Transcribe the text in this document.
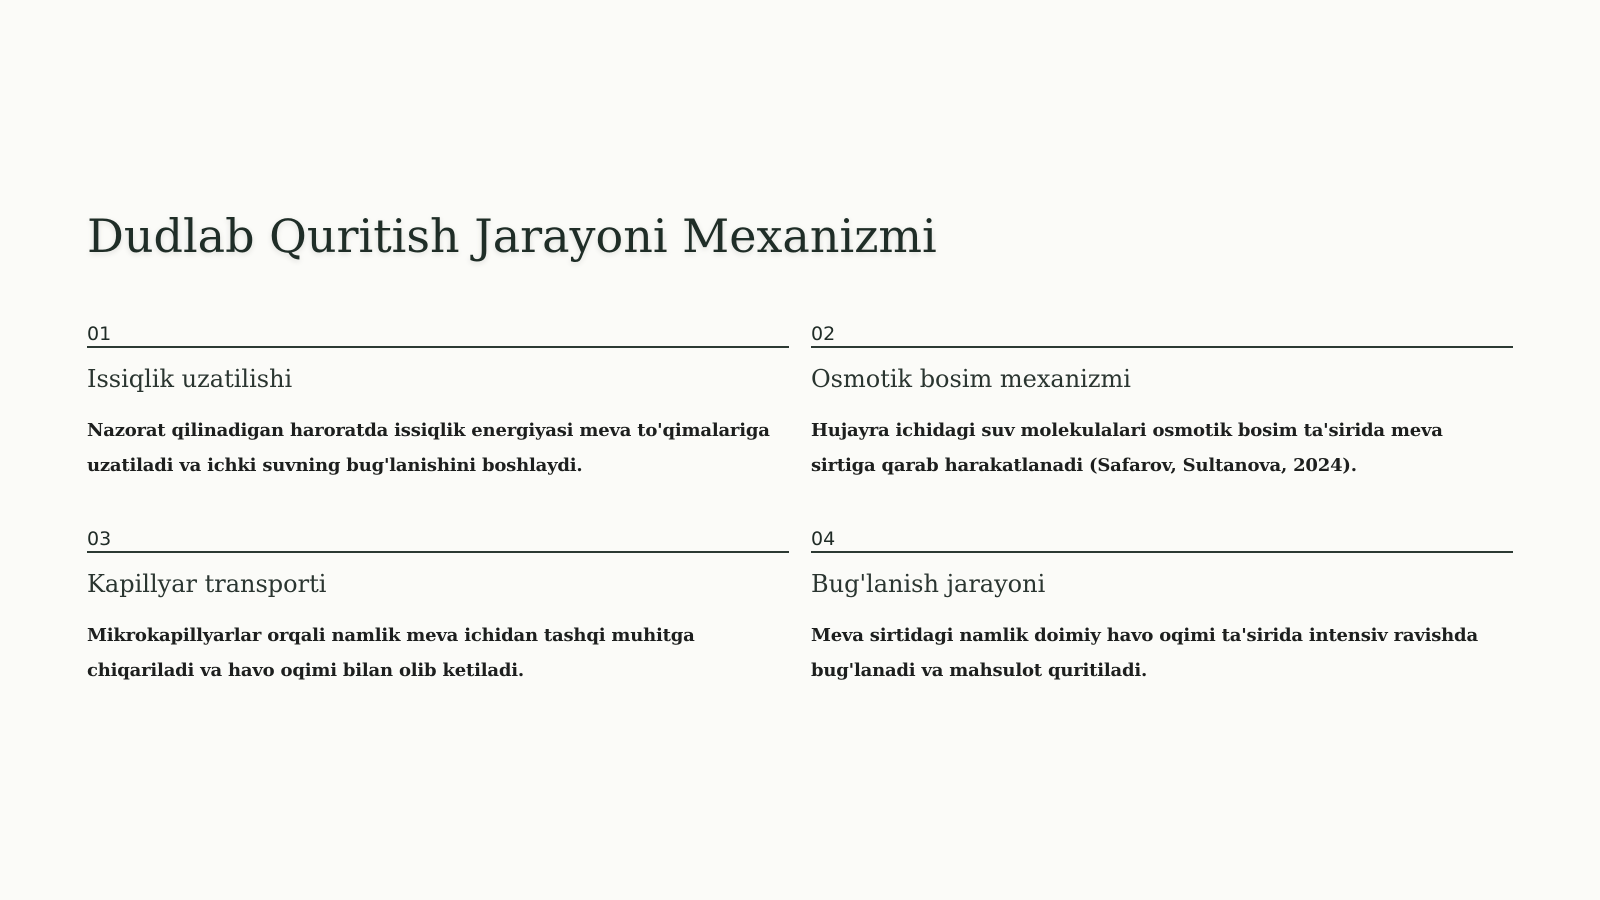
Dudlab Quritish Jarayoni Mexanizmi
01
Issiqlik uzatilishi
Nazorat qilinadigan haroratda issiqlik energiyasi meva to'qimalariga uzatiladi va ichki suvning bug'lanishini boshlaydi.
02
Osmotik bosim mexanizmi
Hujayra ichidagi suv molekulalari osmotik bosim ta'sirida meva sirtiga qarab harakatlanadi (Safarov, Sultanova, 2024).
03
Kapillyar transporti
Mikrokapillyarlar orqali namlik meva ichidan tashqi muhitga chiqariladi va havo oqimi bilan olib ketiladi.
04
Bug'lanish jarayoni
Meva sirtidagi namlik doimiy havo oqimi ta'sirida intensiv ravishda bug'lanadi va mahsulot quritiladi.
